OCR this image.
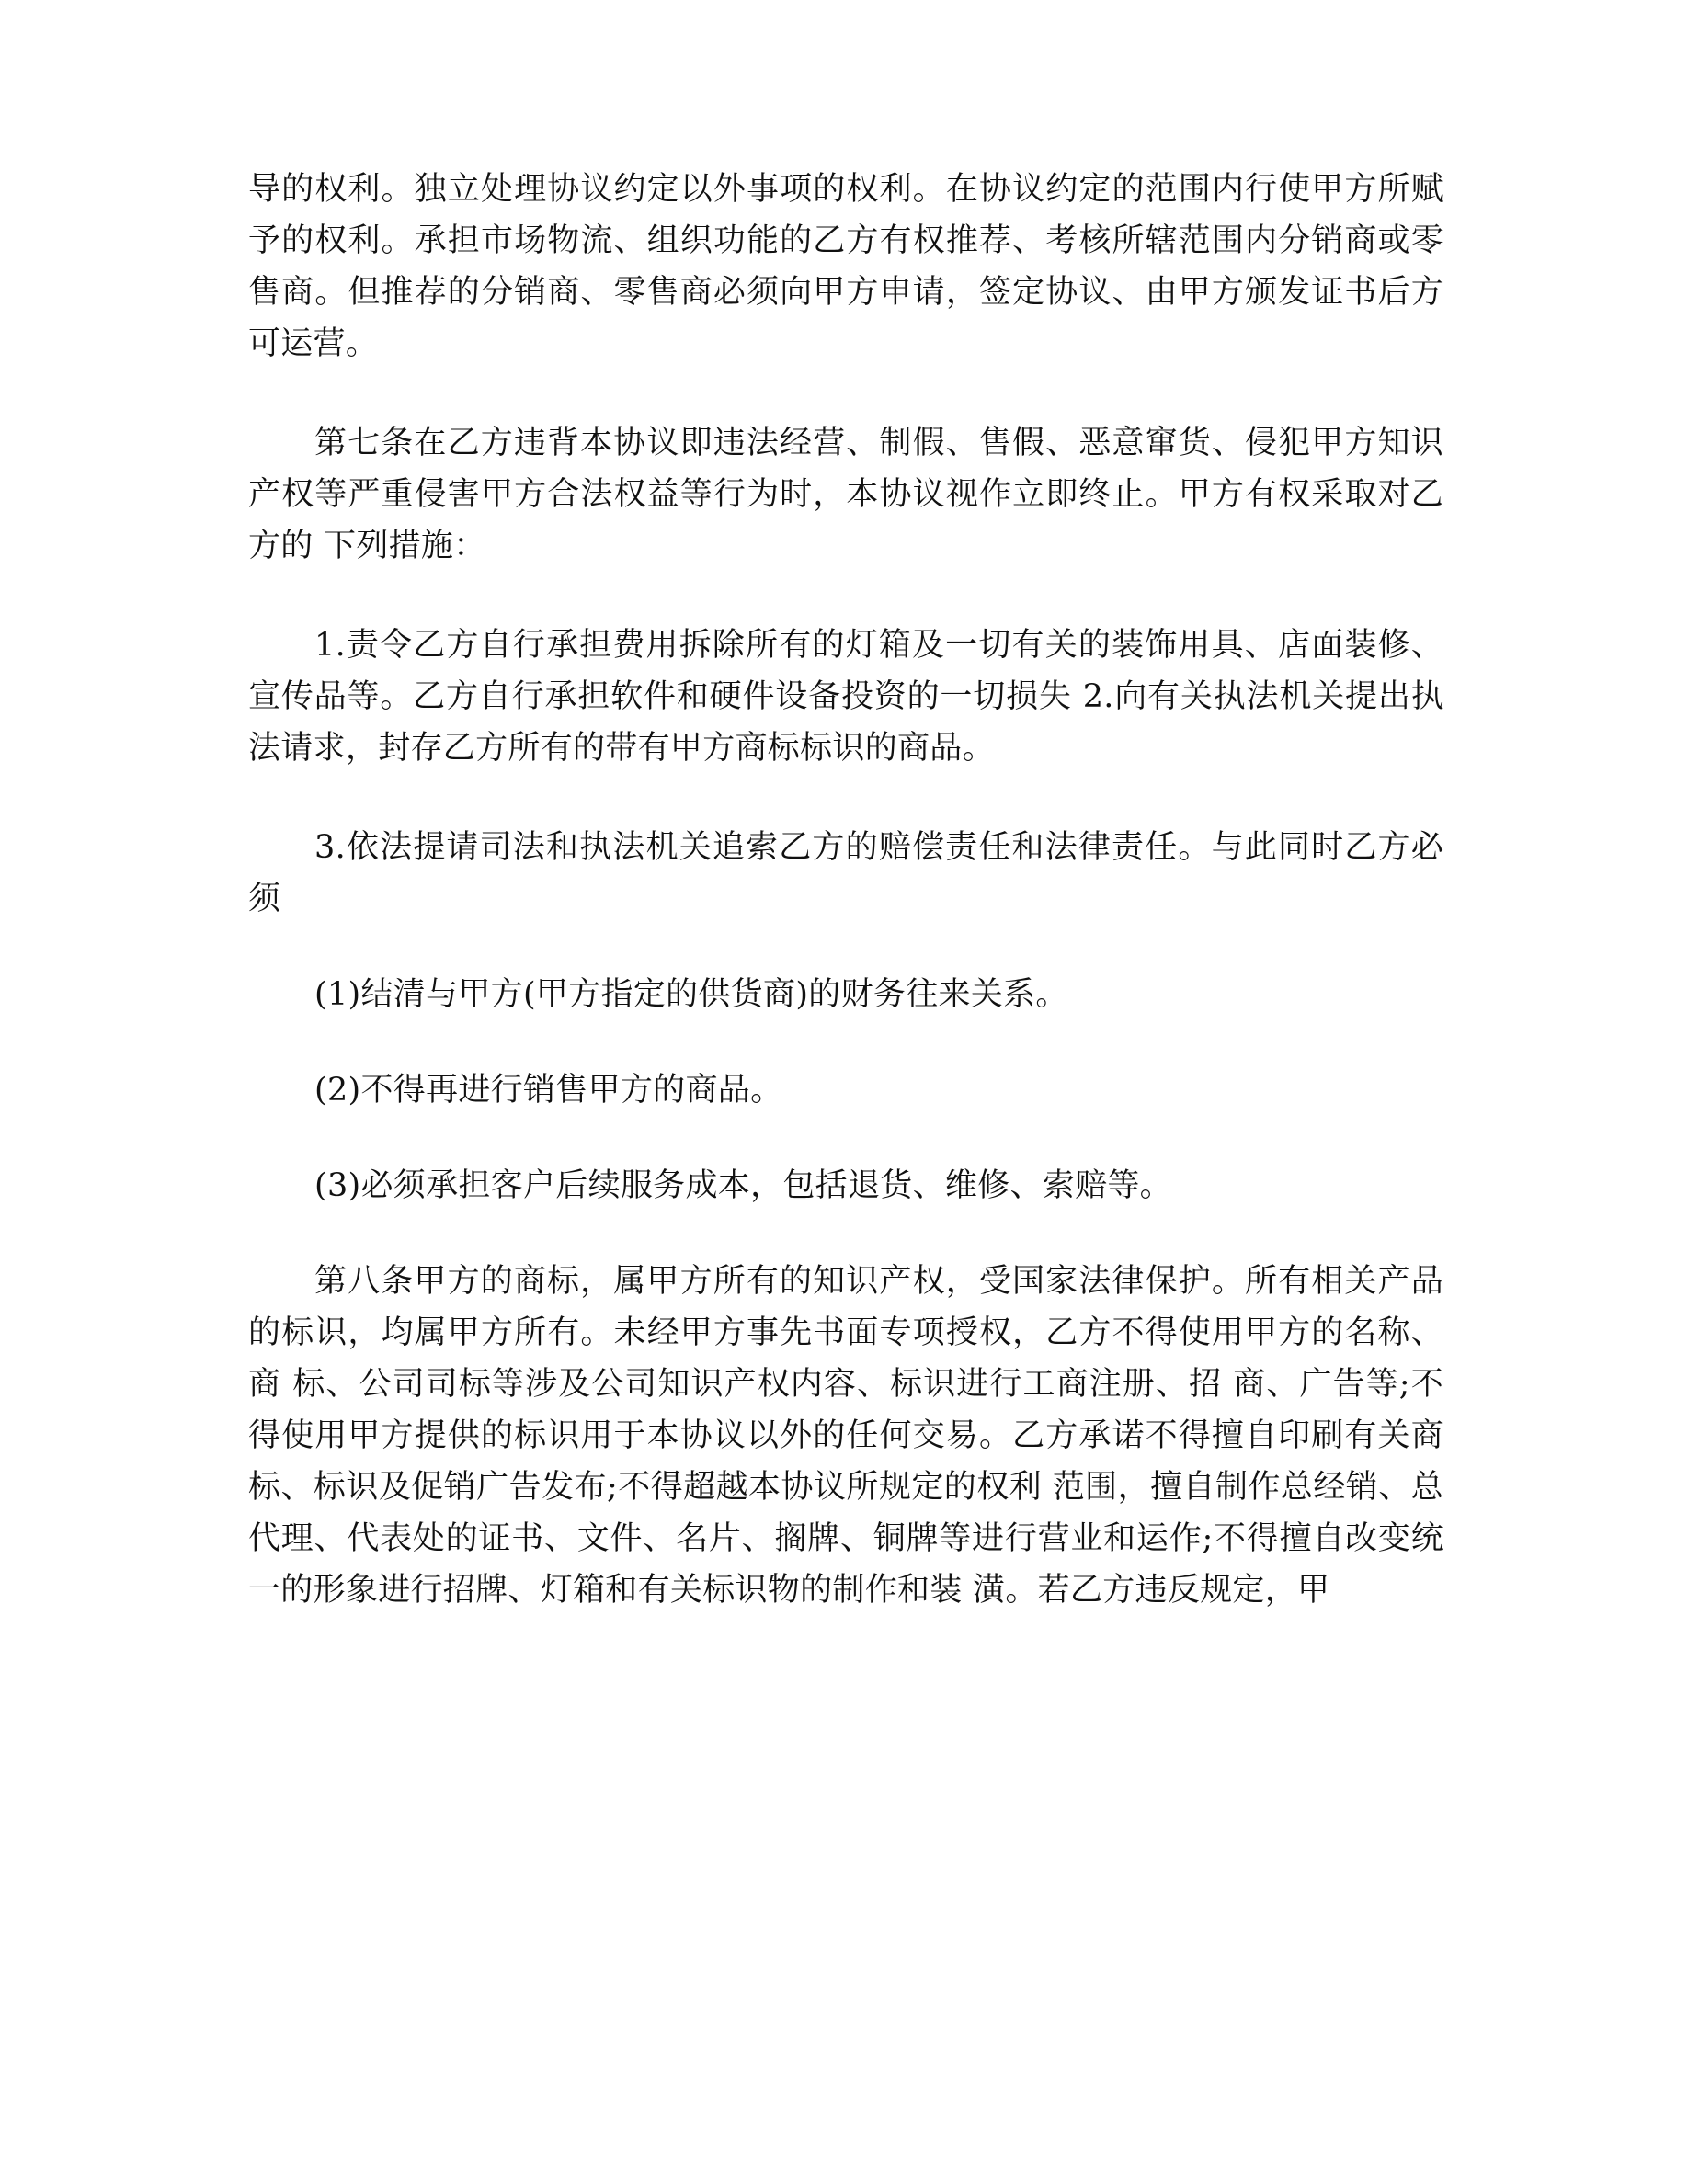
导的权利。独立处理协议约定以外事项的权利。在协议约定的范围内行使甲方所赋予的权利。承担市场物流、组织功能的乙方有权推荐、考核所辖范围内分销商或零售商。但推荐的分销商、零售商必须向甲方申请，签定协议、由甲方颁发证书后方可运营。

第七条在乙方违背本协议即违法经营、制假、售假、恶意窜货、侵犯甲方知识产权等严重侵害甲方合法权益等行为时，本协议视作立即终止。甲方有权采取对乙方的 下列措施：

1.责令乙方自行承担费用拆除所有的灯箱及一切有关的装饰用具、店面装修、宣传品等。乙方自行承担软件和硬件设备投资的一切损失 2.向有关执法机关提出执法请求，封存乙方所有的带有甲方商标标识的商品。

3.依法提请司法和执法机关追索乙方的赔偿责任和法律责任。与此同时乙方必须

(1)结清与甲方(甲方指定的供货商)的财务往来关系。

(2)不得再进行销售甲方的商品。

(3)必须承担客户后续服务成本，包括退货、维修、索赔等。

第八条甲方的商标，属甲方所有的知识产权，受国家法律保护。所有相关产品的标识，均属甲方所有。未经甲方事先书面专项授权，乙方不得使用甲方的名称、商 标、公司司标等涉及公司知识产权内容、标识进行工商注册、招 商、广告等;不得使用甲方提供的标识用于本协议以外的任何交易。乙方承诺不得擅自印刷有关商标、标识及促销广告发布;不得超越本协议所规定的权利 范围，擅自制作总经销、总代理、代表处的证书、文件、名片、搁牌、铜牌等进行营业和运作;不得擅自改变统一的形象进行招牌、灯箱和有关标识物的制作和装 潢。若乙方违反规定，甲
